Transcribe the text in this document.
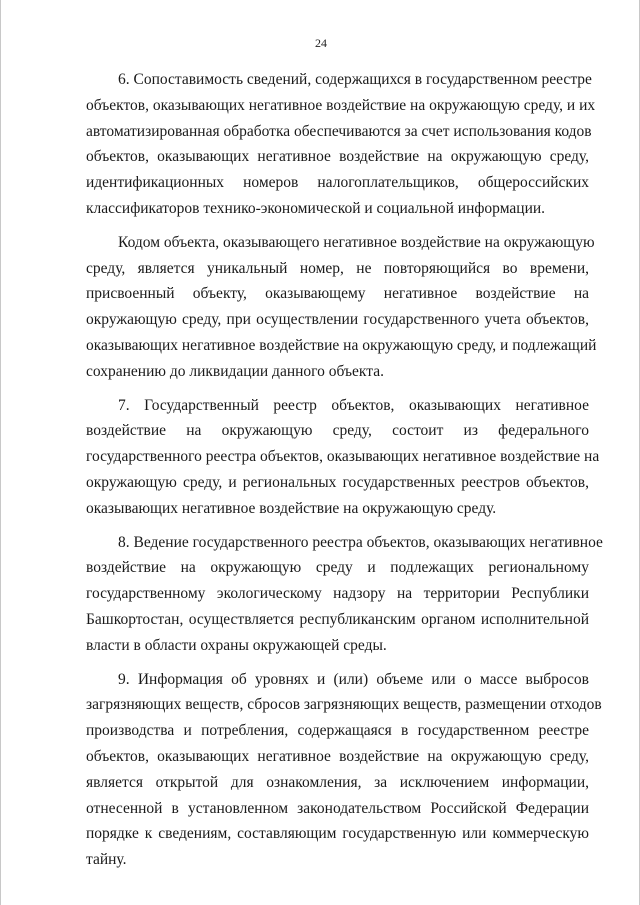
24
6. Сопоставимость сведений, содержащихся в государственном реестре
объектов, оказывающих негативное воздействие на окружающую среду, и их
автоматизированная обработка обеспечиваются за счет использования кодов
объектов, оказывающих негативное воздействие на окружающую среду,
идентификационных номеров налогоплательщиков, общероссийских
классификаторов технико-экономической и социальной информации.
Кодом объекта, оказывающего негативное воздействие на окружающую
среду, является уникальный номер, не повторяющийся во времени,
присвоенный объекту, оказывающему негативное воздействие на
окружающую среду, при осуществлении государственного учета объектов,
оказывающих негативное воздействие на окружающую среду, и подлежащий
сохранению до ликвидации данного объекта.
7. Государственный реестр объектов, оказывающих негативное
воздействие на окружающую среду, состоит из федерального
государственного реестра объектов, оказывающих негативное воздействие на
окружающую среду, и региональных государственных реестров объектов,
оказывающих негативное воздействие на окружающую среду.
8. Ведение государственного реестра объектов, оказывающих негативное
воздействие на окружающую среду и подлежащих региональному
государственному экологическому надзору на территории Республики
Башкортостан, осуществляется республиканским органом исполнительной
власти в области охраны окружающей среды.
9. Информация об уровнях и (или) объеме или о массе выбросов
загрязняющих веществ, сбросов загрязняющих веществ, размещении отходов
производства и потребления, содержащаяся в государственном реестре
объектов, оказывающих негативное воздействие на окружающую среду,
является открытой для ознакомления, за исключением информации,
отнесенной в установленном законодательством Российской Федерации
порядке к сведениям, составляющим государственную или коммерческую
тайну.
